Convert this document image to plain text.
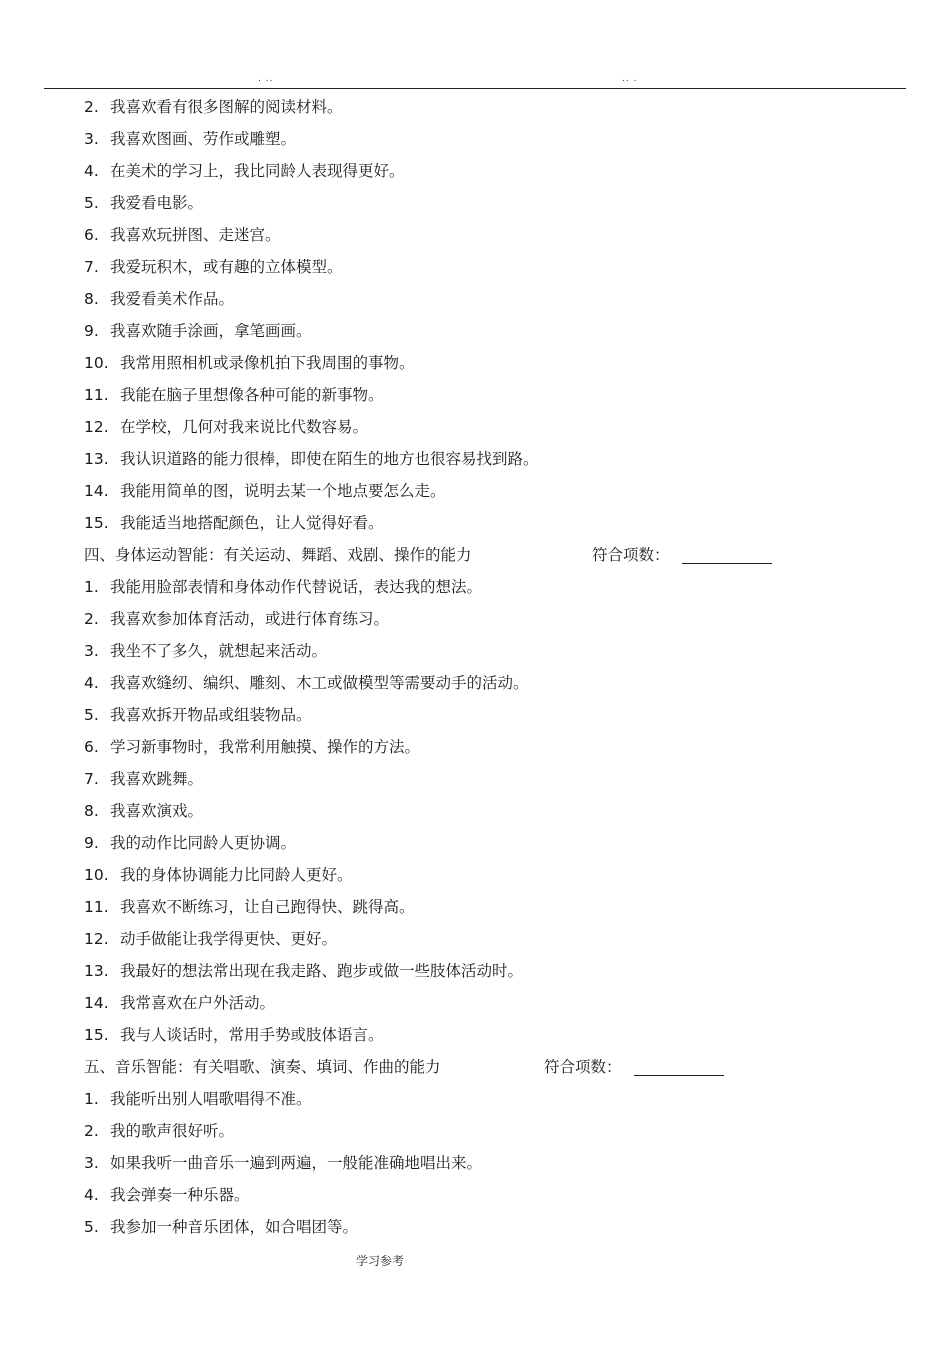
. ..	.. .
2. 我喜欢看有很多图解的阅读材料。
3. 我喜欢图画、劳作或雕塑。
4. 在美术的学习上，我比同龄人表现得更好。
5. 我爱看电影。
6. 我喜欢玩拼图、走迷宫。
7. 我爱玩积木，或有趣的立体模型。
8. 我爱看美术作品。
9. 我喜欢随手涂画，拿笔画画。
10. 我常用照相机或录像机拍下我周围的事物。
11. 我能在脑子里想像各种可能的新事物。
12. 在学校，几何对我来说比代数容易。
13. 我认识道路的能力很棒，即使在陌生的地方也很容易找到路。
14. 我能用简单的图，说明去某一个地点要怎么走。
15. 我能适当地搭配颜色，让人觉得好看。
四、身体运动智能：有关运动、舞蹈、戏剧、操作的能力	符合项数：
1. 我能用脸部表情和身体动作代替说话，表达我的想法。
2. 我喜欢参加体育活动，或进行体育练习。
3. 我坐不了多久，就想起来活动。
4. 我喜欢缝纫、编织、雕刻、木工或做模型等需要动手的活动。
5. 我喜欢拆开物品或组装物品。
6. 学习新事物时，我常利用触摸、操作的方法。
7. 我喜欢跳舞。
8. 我喜欢演戏。
9. 我的动作比同龄人更协调。
10. 我的身体协调能力比同龄人更好。
11. 我喜欢不断练习，让自己跑得快、跳得高。
12. 动手做能让我学得更快、更好。
13. 我最好的想法常出现在我走路、跑步或做一些肢体活动时。
14. 我常喜欢在户外活动。
15. 我与人谈话时，常用手势或肢体语言。
五、音乐智能：有关唱歌、演奏、填词、作曲的能力	符合项数：
1. 我能听出别人唱歌唱得不准。
2. 我的歌声很好听。
3. 如果我听一曲音乐一遍到两遍，一般能准确地唱出来。
4. 我会弹奏一种乐器。
5. 我参加一种音乐团体，如合唱团等。
学习参考
